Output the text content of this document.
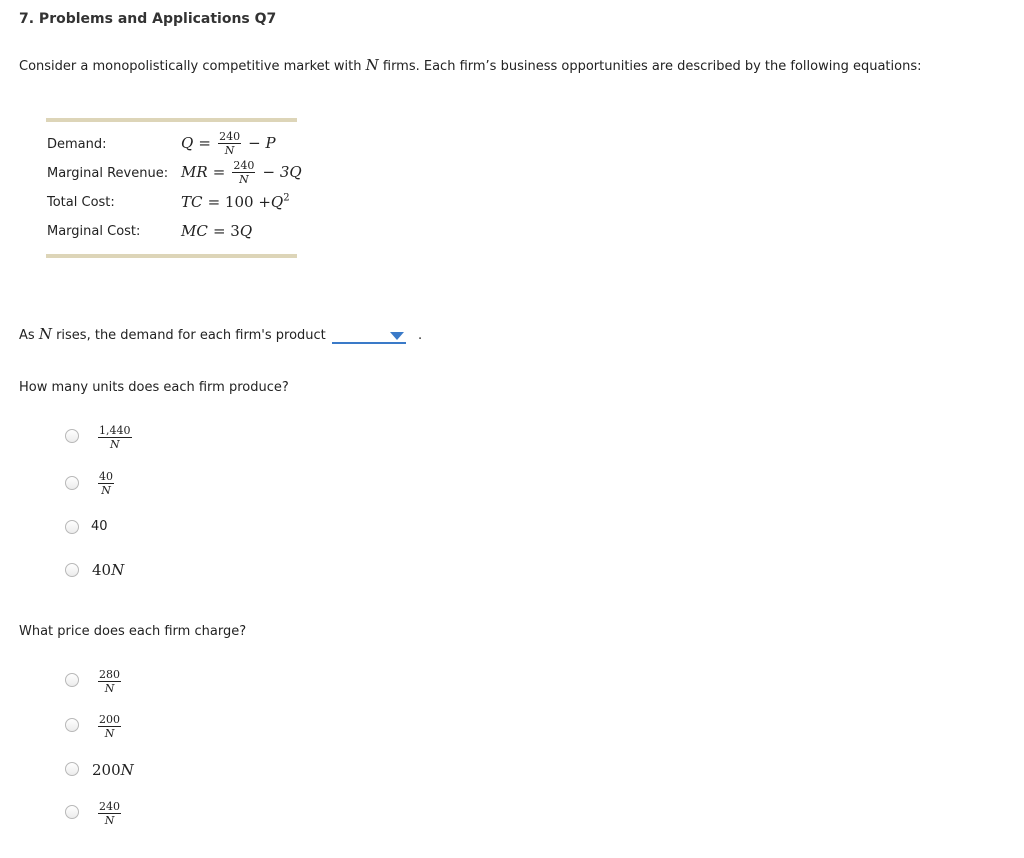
7. Problems and Applications Q7
Consider a monopolistically competitive market with N firms. Each firm’s business opportunities are described by the following equations:
Demand:	$Q = \frac{240}{N} - P$
Marginal Revenue: MR = $\frac{240}{N} - 3Q$
Total Cost:	TC = $100 +Q^2$
Marginal Cost:	MC = 3Q
As N rises, the demand for each firm's product	.
How many units does each firm produce?
$\frac{1,440}{N}$
$\frac{40}{N}$
40
40N
What price does each firm charge?
$\frac{280}{N}$
$\frac{200}{N}$
200N
$\frac{240}{N}$
